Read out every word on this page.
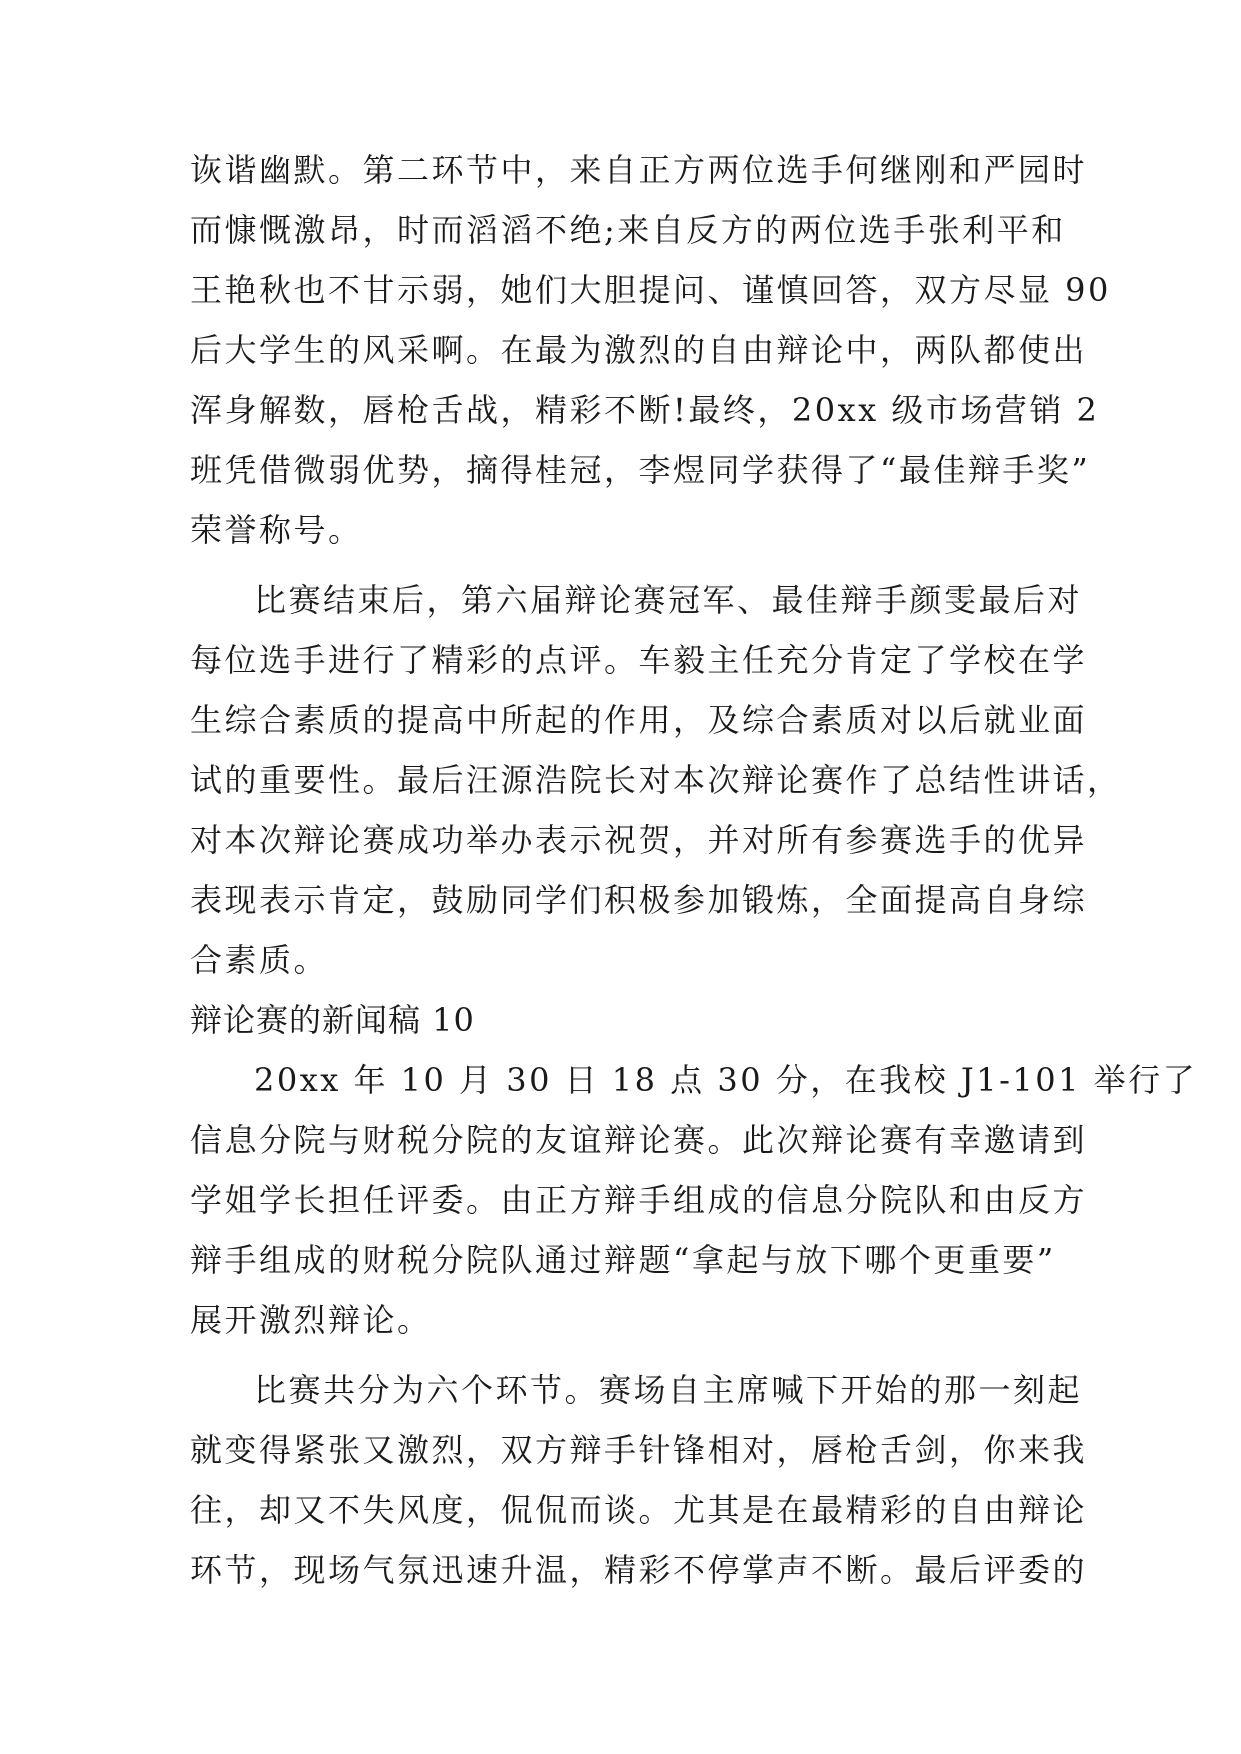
诙谐幽默。第二环节中，来自正方两位选手何继刚和严园时
而慷慨激昂，时而滔滔不绝;来自反方的两位选手张利平和
王艳秋也不甘示弱，她们大胆提问、谨慎回答，双方尽显 90
后大学生的风采啊。在最为激烈的自由辩论中，两队都使出
浑身解数，唇枪舌战，精彩不断!最终，20xx 级市场营销 2
班凭借微弱优势，摘得桂冠，李煜同学获得了“最佳辩手奖”
荣誉称号。
比赛结束后，第六届辩论赛冠军、最佳辩手颜雯最后对
每位选手进行了精彩的点评。车毅主任充分肯定了学校在学
生综合素质的提高中所起的作用，及综合素质对以后就业面
试的重要性。最后汪源浩院长对本次辩论赛作了总结性讲话，
对本次辩论赛成功举办表示祝贺，并对所有参赛选手的优异
表现表示肯定，鼓励同学们积极参加锻炼，全面提高自身综
合素质。
辩论赛的新闻稿 10
20xx 年 10 月 30 日 18 点 30 分，在我校 J1-101 举行了
信息分院与财税分院的友谊辩论赛。此次辩论赛有幸邀请到
学姐学长担任评委。由正方辩手组成的信息分院队和由反方
辩手组成的财税分院队通过辩题“拿起与放下哪个更重要”
展开激烈辩论。
比赛共分为六个环节。赛场自主席喊下开始的那一刻起
就变得紧张又激烈，双方辩手针锋相对，唇枪舌剑，你来我
往，却又不失风度，侃侃而谈。尤其是在最精彩的自由辩论
环节，现场气氛迅速升温，精彩不停掌声不断。最后评委的
